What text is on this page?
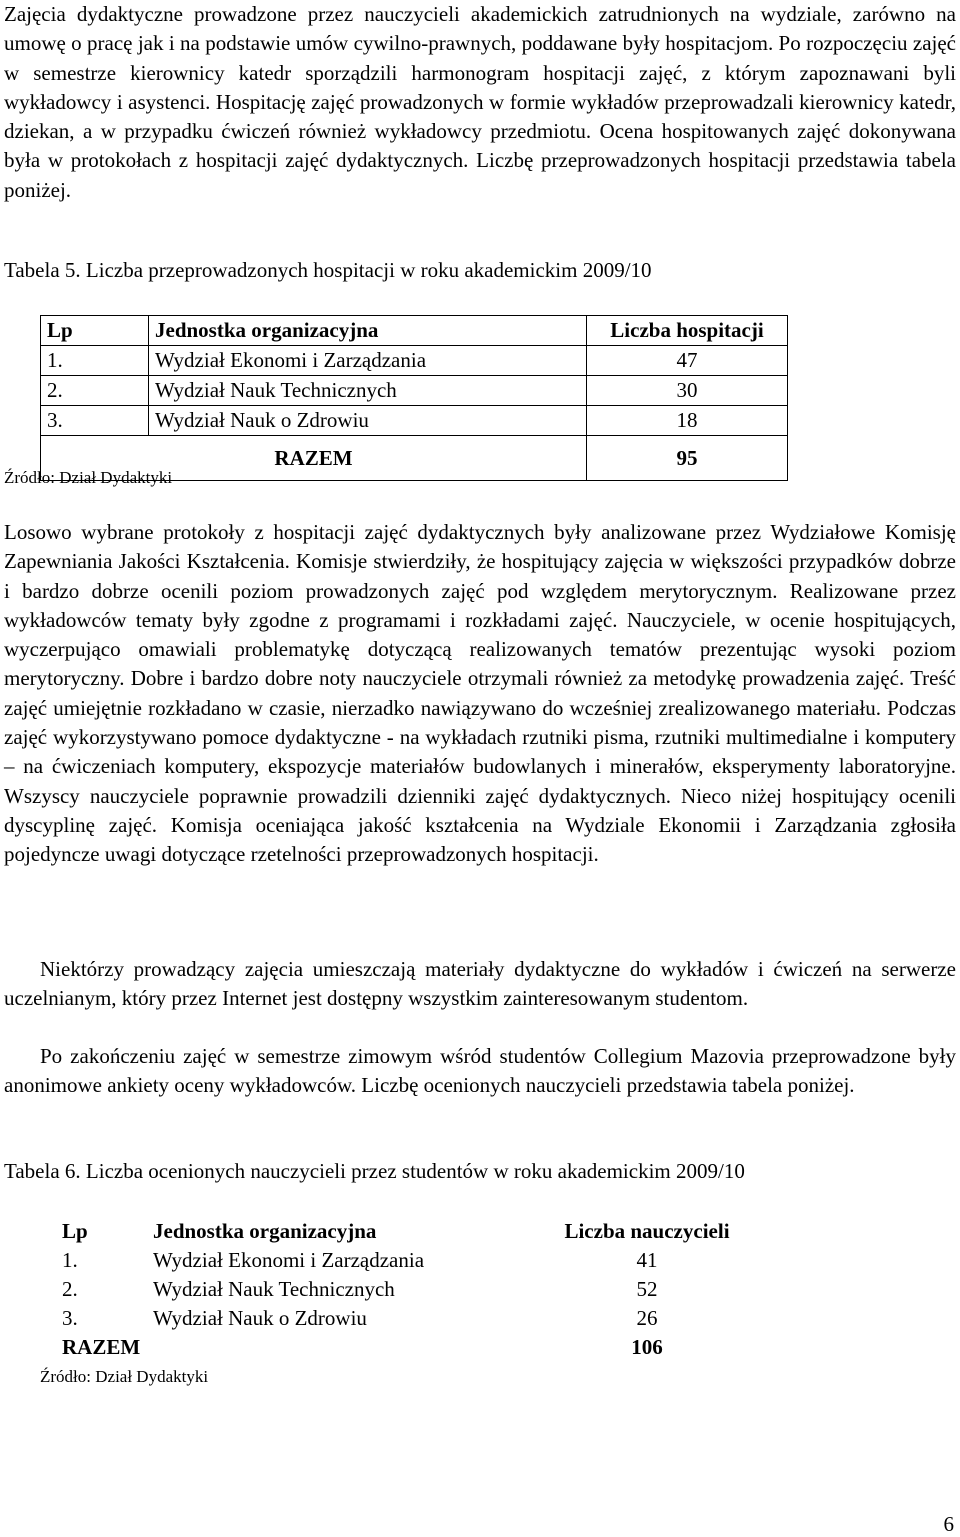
Zajęcia dydaktyczne prowadzone przez nauczycieli akademickich zatrudnionych na wydziale, zarówno na umowę o pracę jak i na podstawie umów cywilno-prawnych, poddawane były hospitacjom. Po rozpoczęciu zajęć w semestrze kierownicy katedr sporządzili harmonogram hospitacji zajęć, z którym zapoznawani byli wykładowcy i asystenci. Hospitację zajęć prowadzonych w formie wykładów przeprowadzali kierownicy katedr, dziekan, a w przypadku ćwiczeń również wykładowcy przedmiotu. Ocena hospitowanych zajęć dokonywana była w protokołach z hospitacji zajęć dydaktycznych. Liczbę przeprowadzonych hospitacji przedstawia tabela poniżej.

Tabela 5. Liczba przeprowadzonych hospitacji w roku akademickim 2009/10
Lp	Jednostka organizacyjna	Liczba hospitacji
1.	Wydział Ekonomi i Zarządzania	47
2.	Wydział Nauk Technicznych	30
3.	Wydział Nauk o Zdrowiu	18
RAZEM		95
Źródło: Dział Dydaktyki

Losowo wybrane protokoły z hospitacji zajęć dydaktycznych były analizowane przez Wydziałowe Komisję Zapewniania Jakości Kształcenia. Komisje stwierdziły, że hospitujący zajęcia w większości przypadków dobrze i bardzo dobrze ocenili poziom prowadzonych zajęć pod względem merytorycznym. Realizowane przez wykładowców tematy były zgodne z programami i rozkładami zajęć. Nauczyciele, w ocenie hospitujących, wyczerpująco omawiali problematykę dotyczącą realizowanych tematów prezentując wysoki poziom merytoryczny. Dobre i bardzo dobre noty nauczyciele otrzymali również za metodykę prowadzenia zajęć. Treść zajęć umiejętnie rozkładano w czasie, nierzadko nawiązywano do wcześniej zrealizowanego materiału. Podczas zajęć wykorzystywano pomoce dydaktyczne - na wykładach rzutniki pisma, rzutniki multimedialne i komputery – na ćwiczeniach komputery, ekspozycje materiałów budowlanych i minerałów, eksperymenty laboratoryjne. Wszyscy nauczyciele poprawnie prowadzili dzienniki zajęć dydaktycznych. Nieco niżej hospitujący ocenili dyscyplinę zajęć. Komisja oceniająca jakość kształcenia na Wydziale Ekonomii i Zarządzania zgłosiła pojedyncze uwagi dotyczące rzetelności przeprowadzonych hospitacji.

Niektórzy prowadzący zajęcia umieszczają materiały dydaktyczne do wykładów i ćwiczeń na serwerze uczelnianym, który przez Internet jest dostępny wszystkim zainteresowanym studentom.

Po zakończeniu zajęć w semestrze zimowym wśród studentów Collegium Mazovia przeprowadzone były anonimowe ankiety oceny wykładowców. Liczbę ocenionych nauczycieli przedstawia tabela poniżej.

Tabela 6. Liczba ocenionych nauczycieli przez studentów w roku akademickim 2009/10
Lp	Jednostka organizacyjna	Liczba nauczycieli
1.	Wydział Ekonomi i Zarządzania	41
2.	Wydział Nauk Technicznych	52
3.	Wydział Nauk o Zdrowiu	26
RAZEM		106
Źródło: Dział Dydaktyki
6
